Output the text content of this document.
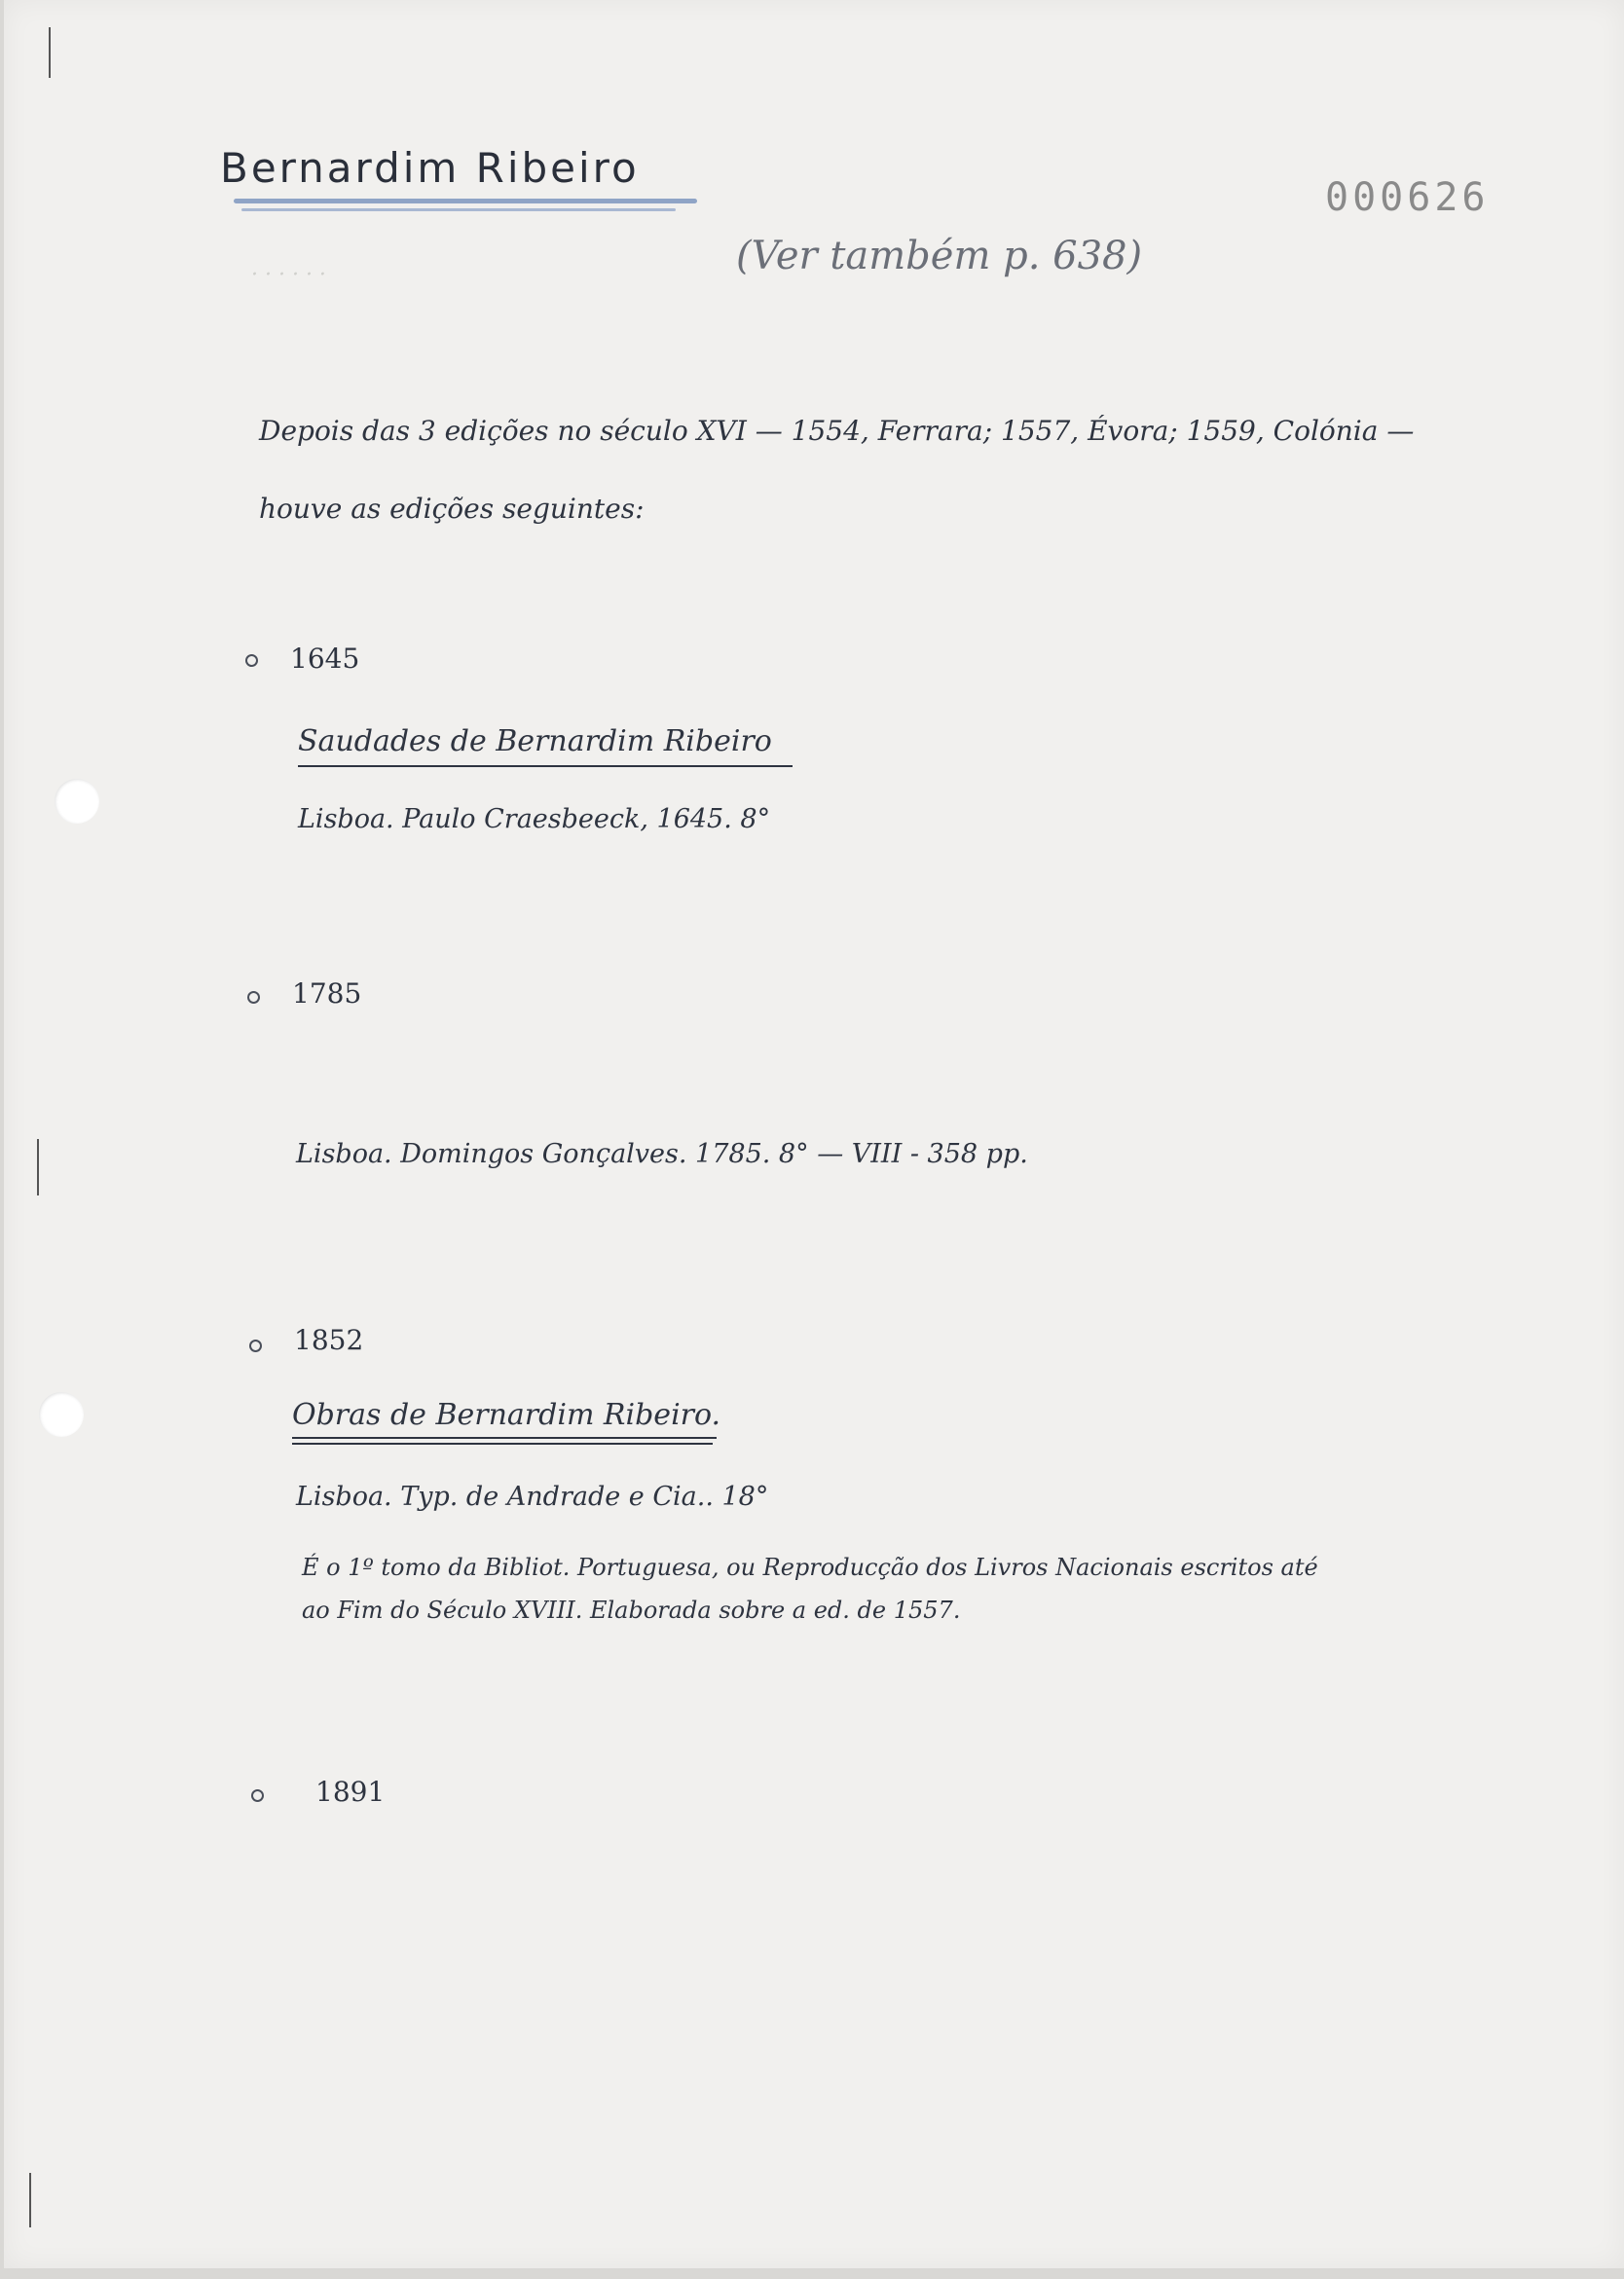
Bernardim Ribeiro
000626
(Ver também p. 638)
· · · · · ·
Depois das 3 edições no século XVI — 1554, Ferrara; 1557, Évora; 1559, Colónia —
houve as edições seguintes:
1645
Saudades de Bernardim Ribeiro
Lisboa. Paulo Craesbeeck, 1645. 8°
1785
Lisboa. Domingos Gonçalves. 1785. 8° — VIII - 358 pp.
1852
Obras de Bernardim Ribeiro.
Lisboa. Typ. de Andrade e Cia.. 18°
É o 1º tomo da Bibliot. Portuguesa, ou Reproducção dos Livros Nacionais escritos até
ao Fim do Século XVIII. Elaborada sobre a ed. de 1557.
1891
